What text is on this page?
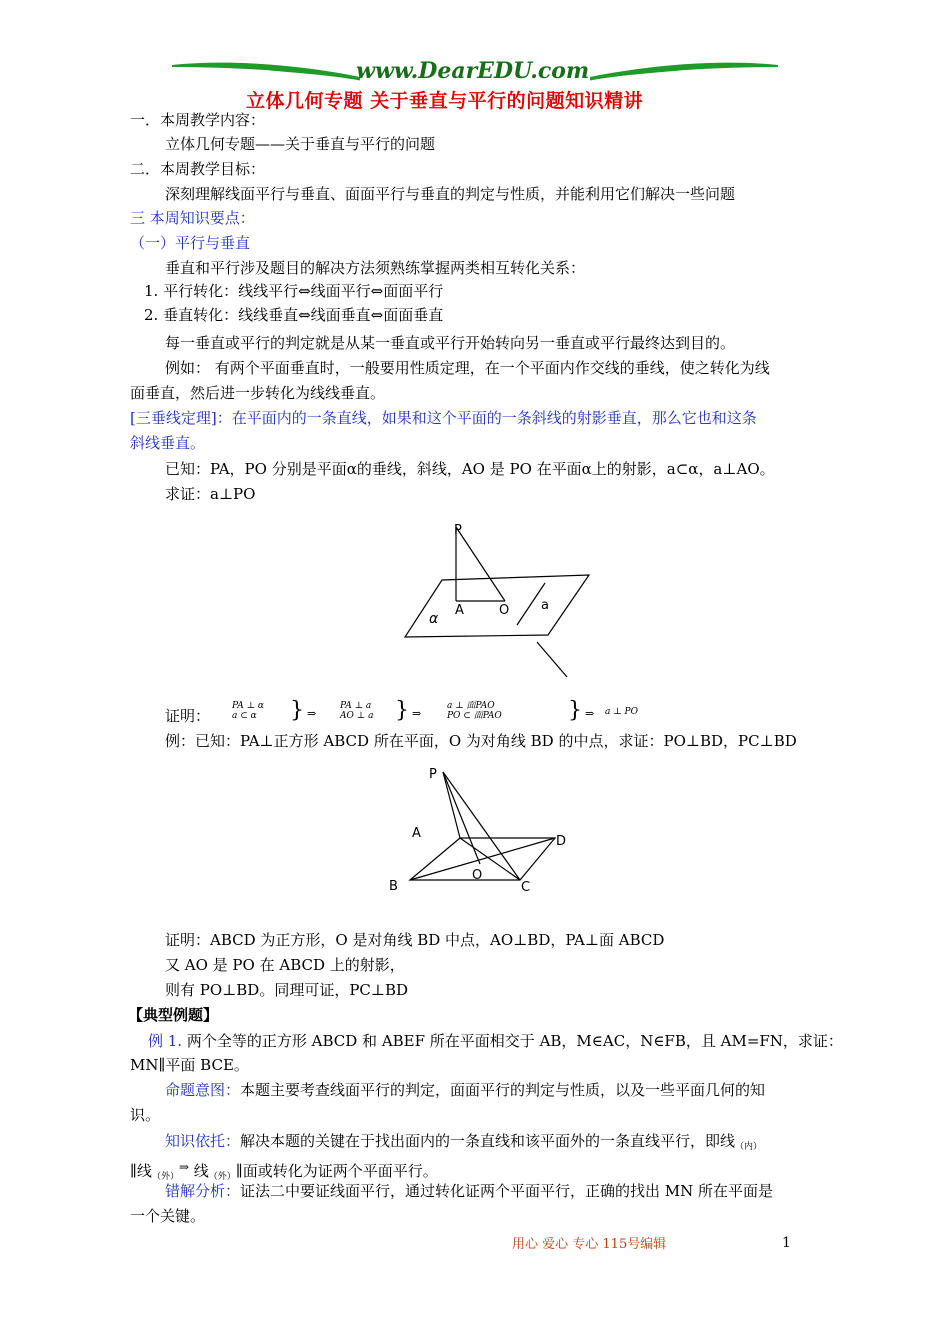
www.DearEDU.com
立体几何专题 关于垂直与平行的问题知识精讲
一．本周教学内容：
立体几何专题——关于垂直与平行的问题
二．本周教学目标：
深刻理解线面平行与垂直、面面平行与垂直的判定与性质，并能利用它们解决一些问题
三 本周知识要点：
（一）平行与垂直
垂直和平行涉及题目的解决方法须熟练掌握两类相互转化关系：
1. 平行转化：线线平行⇔线面平行⇔面面平行
2. 垂直转化：线线垂直⇔线面垂直⇔面面垂直
每一垂直或平行的判定就是从某一垂直或平行开始转向另一垂直或平行最终达到目的。
例如： 有两个平面垂直时，一般要用性质定理，在一个平面内作交线的垂线，使之转化为线
面垂直，然后进一步转化为线线垂直。
[三垂线定理]：在平面内的一条直线，如果和这个平面的一条斜线的射影垂直，那么它也和这条
斜线垂直。
已知：PA，PO 分别是平面α的垂线，斜线，AO 是 PO 在平面α上的射影，a⊂α，a⊥AO。
求证：a⊥PO
P
A	O a
α
证明：
PA ⊥ α
a ⊂ α	} ⇒
PA ⊥ a
AO ⊥ a } ⇒
a ⊥ 面PAO
PO ⊂ 面PAO	} ⇒ a ⊥ PO
例：已知：PA⊥正方形 ABCD 所在平面，O 为对角线 BD 的中点，求证：PO⊥BD，PC⊥BD
P
A
B	C
D
O
证明：ABCD 为正方形，O 是对角线 BD 中点，AO⊥BD，PA⊥面 ABCD
又 AO 是 PO 在 ABCD 上的射影，
则有 PO⊥BD。同理可证，PC⊥BD
【典型例题】
例 1. 两个全等的正方形 ABCD 和 ABEF 所在平面相交于 AB，M∈AC，N∈FB，且 AM=FN，求证：
MN∥平面 BCE。
命题意图：本题主要考查线面平行的判定，面面平行的判定与性质，以及一些平面几何的知
识。
知识依托：解决本题的关键在于找出面内的一条直线和该平面外的一条直线平行，即线$_{(内)}$
∥线$_{(外)}$⇒ 线$_{(外)}$∥面或转化为证两个平面平行。
错解分析：证法二中要证线面平行，通过转化证两个平面平行，正确的找出 MN 所在平面是
一个关键。
用心 爱心 专心 115号编辑	1
